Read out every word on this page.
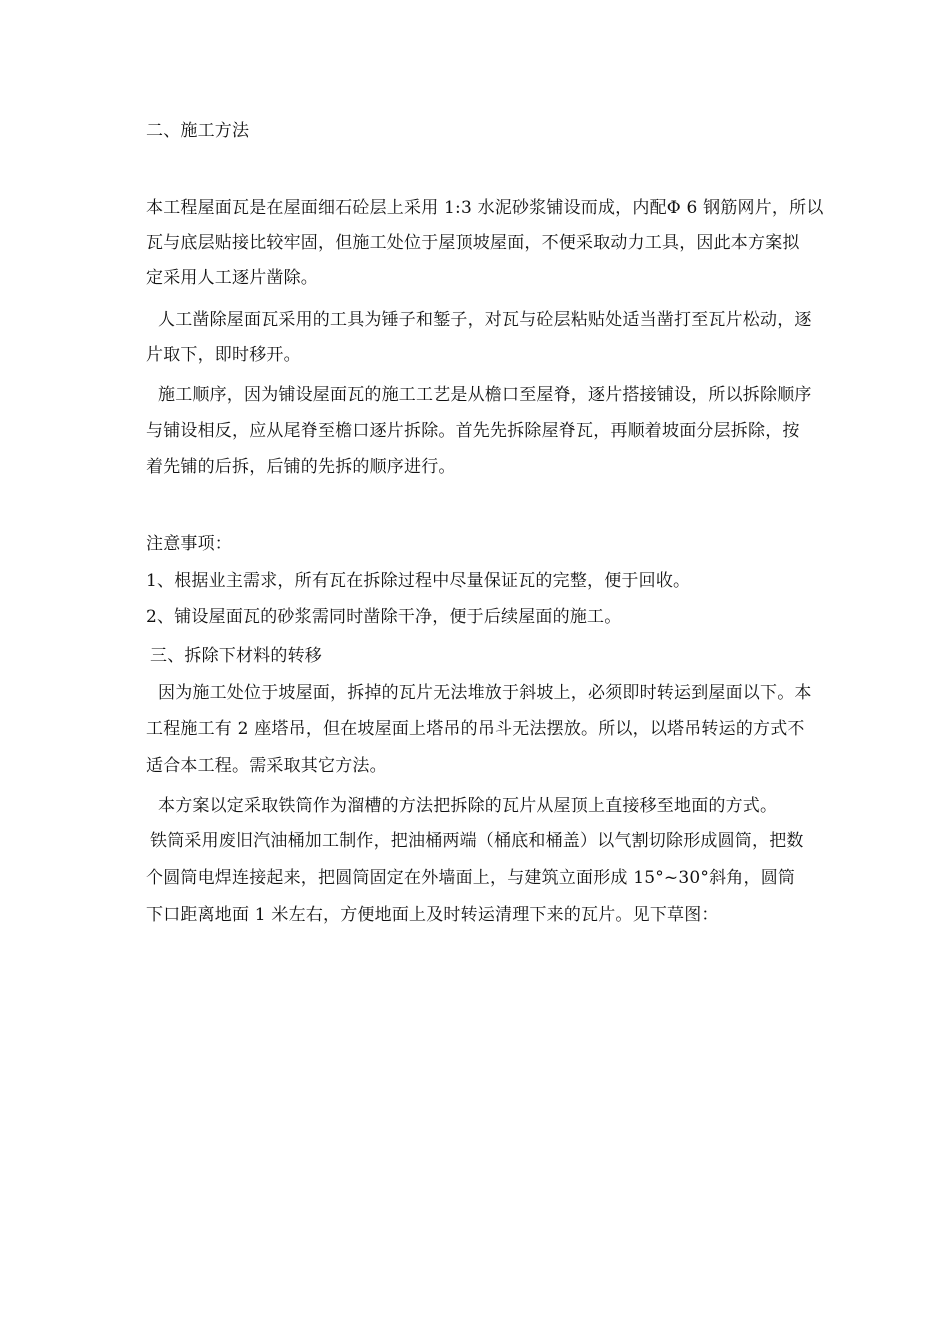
二、施工方法
本工程屋面瓦是在屋面细石砼层上采用 1:3 水泥砂浆铺设而成，内配Φ 6 钢筋网片，所以
瓦与底层贴接比较牢固，但施工处位于屋顶坡屋面，不便采取动力工具，因此本方案拟
定采用人工逐片凿除。
人工凿除屋面瓦采用的工具为锤子和錾子，对瓦与砼层粘贴处适当凿打至瓦片松动，逐
片取下，即时移开。
施工顺序，因为铺设屋面瓦的施工工艺是从檐口至屋脊，逐片搭接铺设，所以拆除顺序
与铺设相反，应从尾脊至檐口逐片拆除。首先先拆除屋脊瓦，再顺着坡面分层拆除，按
着先铺的后拆，后铺的先拆的顺序进行。
注意事项：
1、根据业主需求，所有瓦在拆除过程中尽量保证瓦的完整，便于回收。
2、铺设屋面瓦的砂浆需同时凿除干净，便于后续屋面的施工。
三、拆除下材料的转移
因为施工处位于坡屋面，拆掉的瓦片无法堆放于斜坡上，必须即时转运到屋面以下。本
工程施工有 2 座塔吊，但在坡屋面上塔吊的吊斗无法摆放。所以，以塔吊转运的方式不
适合本工程。需采取其它方法。
本方案以定采取铁筒作为溜槽的方法把拆除的瓦片从屋顶上直接移至地面的方式。
铁筒采用废旧汽油桶加工制作，把油桶两端（桶底和桶盖）以气割切除形成圆筒，把数
个圆筒电焊连接起来，把圆筒固定在外墙面上，与建筑立面形成 15°~30°斜角，圆筒
下口距离地面 1 米左右，方便地面上及时转运清理下来的瓦片。见下草图：
